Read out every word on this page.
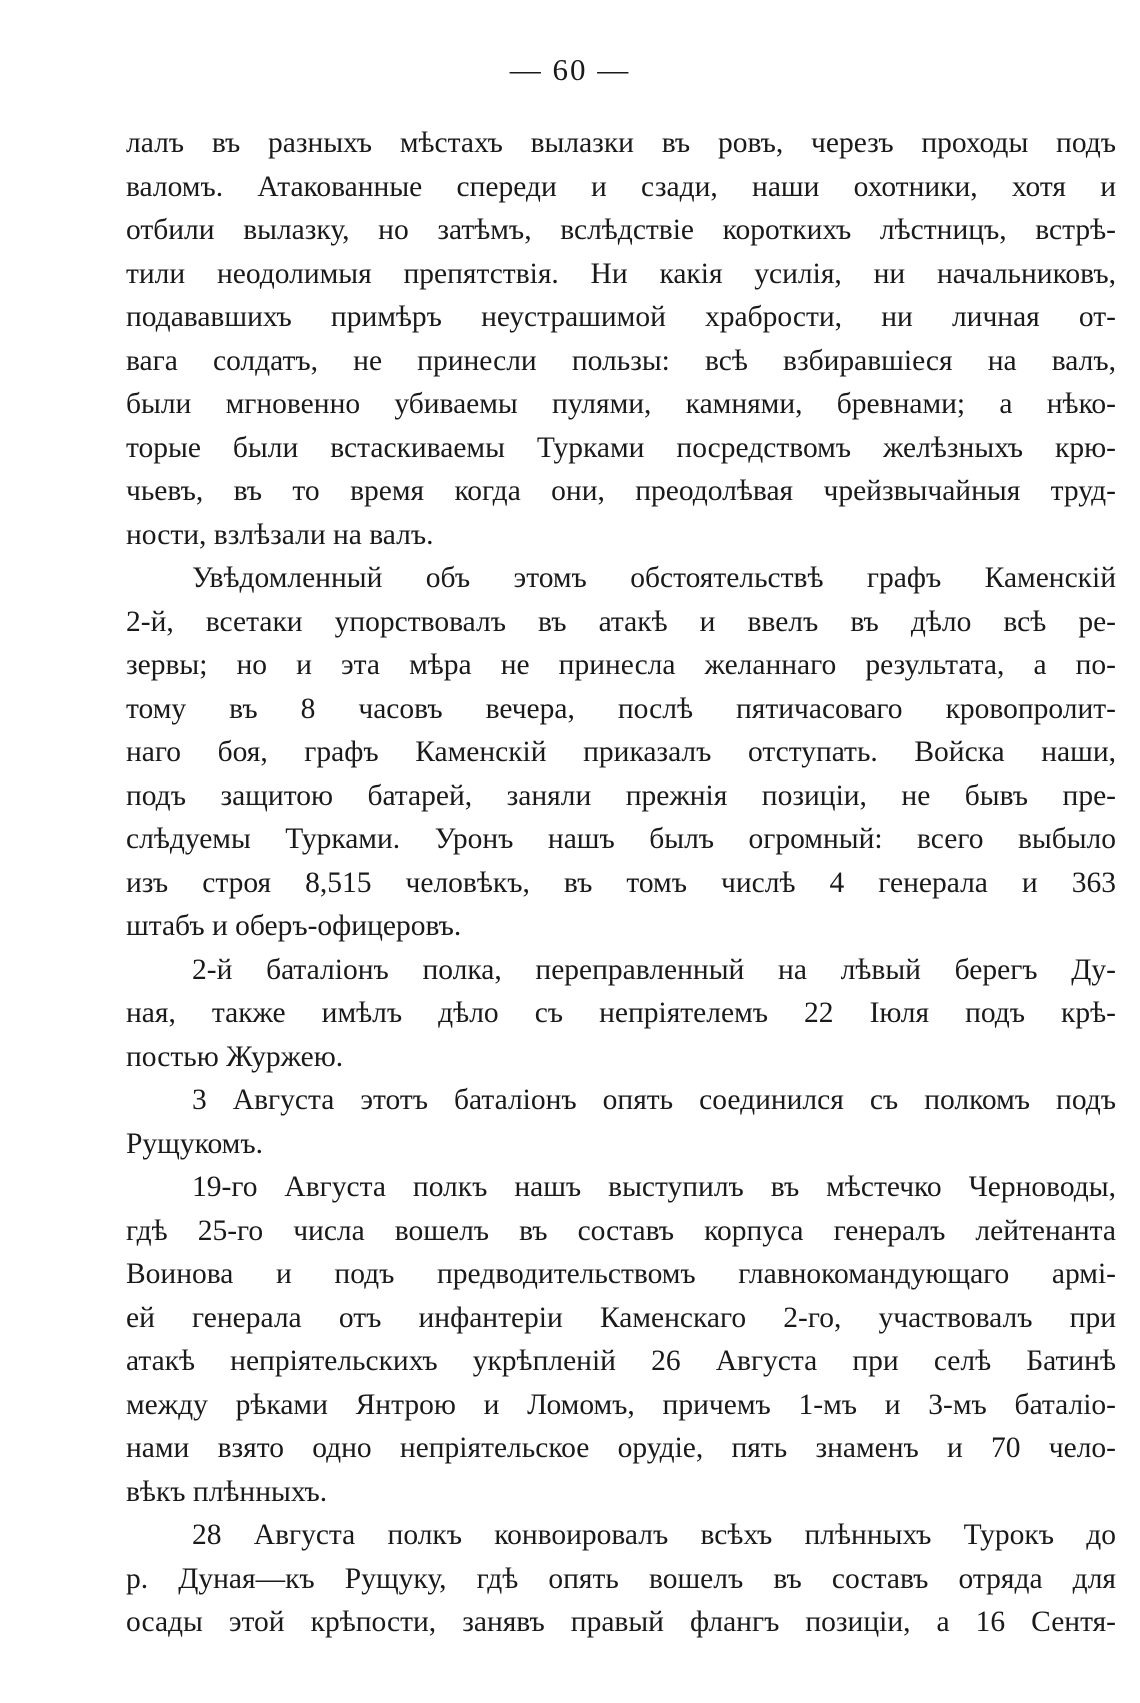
— 60 —
лалъ въ разныхъ мѣстахъ вылазки въ ровъ, черезъ проходы подъ
валомъ. Атакованные спереди и сзади, наши охотники, хотя и
отбили вылазку, но затѣмъ, вслѣдствіе короткихъ лѣстницъ, встрѣ-
тили неодолимыя препятствія. Ни какія усилія, ни начальниковъ,
подававшихъ примѣръ неустрашимой храбрости, ни личная от-
вага солдатъ, не принесли пользы: всѣ взбиравшіеся на валъ,
были мгновенно убиваемы пулями, камнями, бревнами; а нѣко-
торые были встаскиваемы Турками посредствомъ желѣзныхъ крю-
чьевъ, въ то время когда они, преодолѣвая чрейзвычайныя труд-
ности, взлѣзали на валъ.
Увѣдомленный объ этомъ обстоятельствѣ графъ Каменскій
2-й, всетаки упорствовалъ въ атакѣ и ввелъ въ дѣло всѣ ре-
зервы; но и эта мѣра не принесла желаннаго результата, а по-
тому въ 8 часовъ вечера, послѣ пятичасоваго кровопролит-
наго боя, графъ Каменскій приказалъ отступать. Войска наши,
подъ защитою батарей, заняли прежнія позиціи, не бывъ пре-
слѣдуемы Турками. Уронъ нашъ былъ огромный: всего выбыло
изъ строя 8,515 человѣкъ, въ томъ числѣ 4 генерала и 363
штабъ и оберъ-офицеровъ.
2-й баталіонъ полка, переправленный на лѣвый берегъ Ду-
ная, также имѣлъ дѣло съ непріятелемъ 22 Іюля подъ крѣ-
постью Журжею.
3 Августа этотъ баталіонъ опять соединился съ полкомъ подъ
Рущукомъ.
19-го Августа полкъ нашъ выступилъ въ мѣстечко Черноводы,
гдѣ 25-го числа вошелъ въ составъ корпуса генералъ лейтенанта
Воинова и подъ предводительствомъ главнокомандующаго армі-
ей генерала отъ инфантеріи Каменскаго 2-го, участвовалъ при
атакѣ непріятельскихъ укрѣпленій 26 Августа при селѣ Батинѣ
между рѣками Янтрою и Ломомъ, причемъ 1-мъ и 3-мъ баталіо-
нами взято одно непріятельское орудіе, пять знаменъ и 70 чело-
вѣкъ плѣнныхъ.
28 Августа полкъ конвоировалъ всѣхъ плѣнныхъ Турокъ до
р. Дуная—къ Рущуку, гдѣ опять вошелъ въ составъ отряда для
осады этой крѣпости, занявъ правый флангъ позиціи, а 16 Сентя-
